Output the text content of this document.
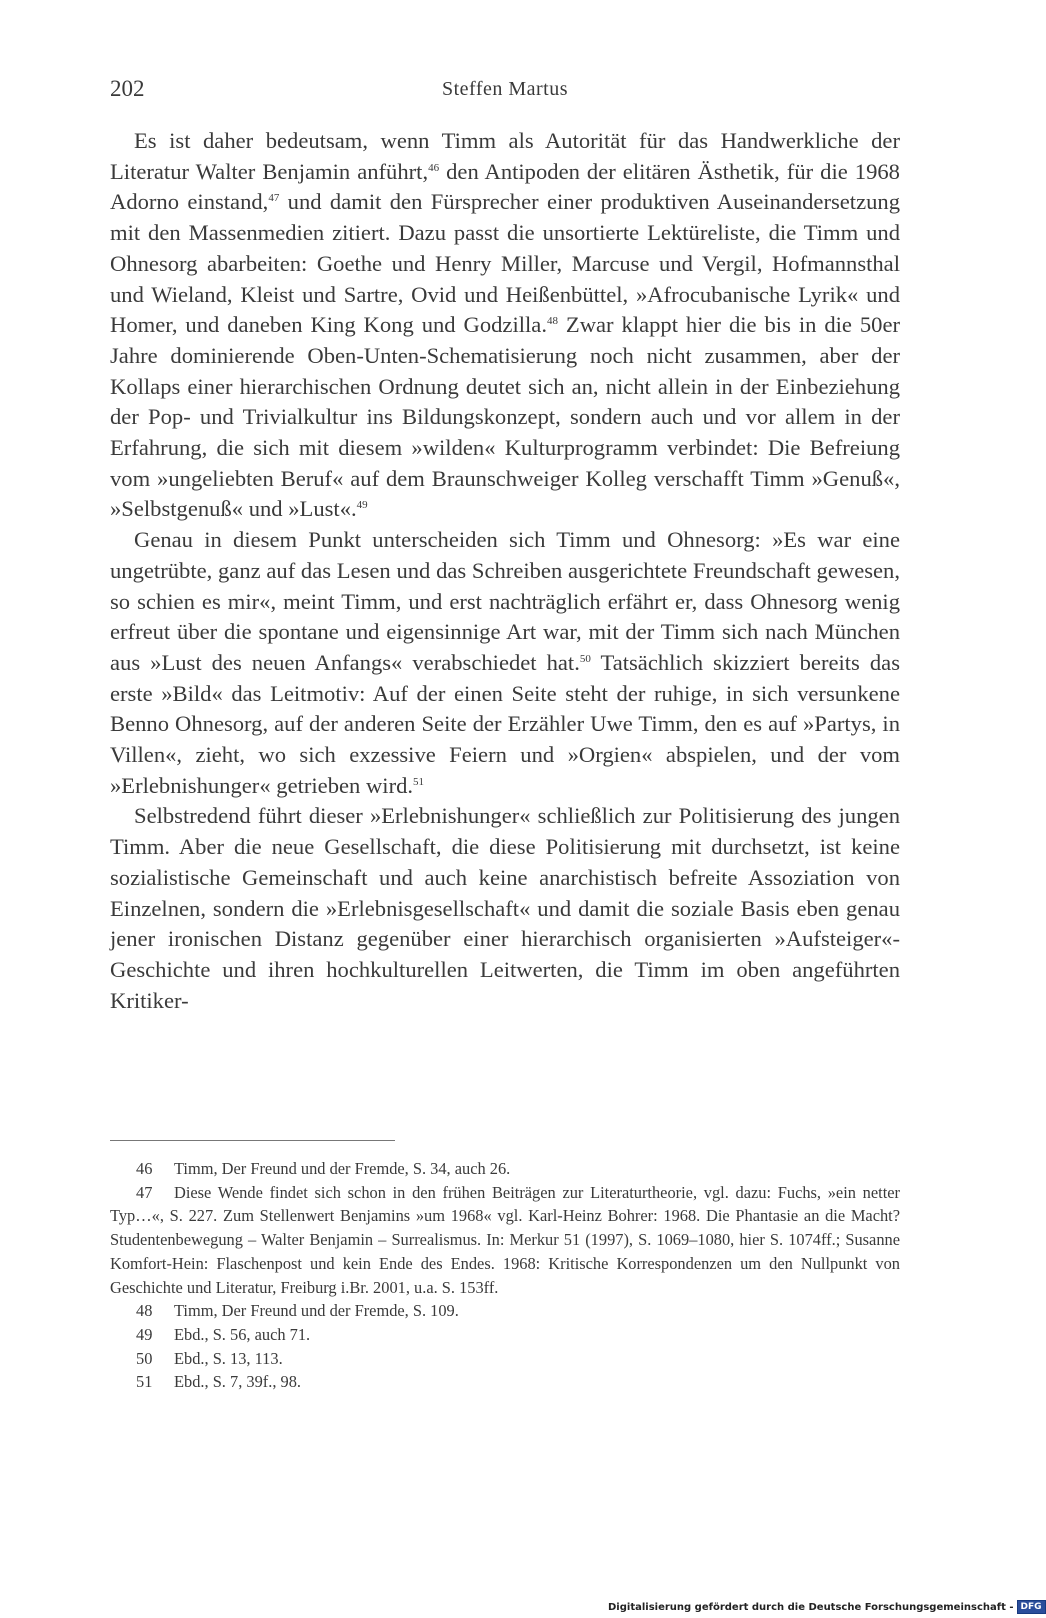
202	Steffen Martus

Es ist daher bedeutsam, wenn Timm als Autorität für das Handwerkliche der Literatur Walter Benjamin anführt,$^{46}$ den Antipoden der elitären Ästhetik, für die 1968 Adorno einstand,$^{47}$ und damit den Fürsprecher einer produktiven Auseinandersetzung mit den Massenmedien zitiert. Dazu passt die unsortierte Lektüreliste, die Timm und Ohnesorg abarbeiten: Goethe und Henry Miller, Marcuse und Vergil, Hofmannsthal und Wieland, Kleist und Sartre, Ovid und Heißenbüttel, »Afrocubanische Lyrik« und Homer, und daneben King Kong und Godzilla.$^{48}$ Zwar klappt hier die bis in die 50er Jahre dominierende Oben-Unten-Schematisierung noch nicht zusammen, aber der Kollaps einer hierarchischen Ordnung deutet sich an, nicht allein in der Einbeziehung der Pop- und Trivialkultur ins Bildungskonzept, sondern auch und vor allem in der Erfahrung, die sich mit diesem »wilden« Kulturprogramm verbindet: Die Befreiung vom »ungeliebten Beruf« auf dem Braunschweiger Kolleg verschafft Timm »Genuß«, »Selbstgenuß« und »Lust«.$^{49}$

Genau in diesem Punkt unterscheiden sich Timm und Ohnesorg: »Es war eine ungetrübte, ganz auf das Lesen und das Schreiben ausgerichtete Freundschaft gewesen, so schien es mir«, meint Timm, und erst nachträglich erfährt er, dass Ohnesorg wenig erfreut über die spontane und eigensinnige Art war, mit der Timm sich nach München aus »Lust des neuen Anfangs« verabschiedet hat.$^{50}$ Tatsächlich skizziert bereits das erste »Bild« das Leitmotiv: Auf der einen Seite steht der ruhige, in sich versunkene Benno Ohnesorg, auf der anderen Seite der Erzähler Uwe Timm, den es auf »Partys, in Villen«, zieht, wo sich exzessive Feiern und »Orgien« abspielen, und der vom »Erlebnishunger« getrieben wird.$^{51}$

Selbstredend führt dieser »Erlebnishunger« schließlich zur Politisierung des jungen Timm. Aber die neue Gesellschaft, die diese Politisierung mit durchsetzt, ist keine sozialistische Gemeinschaft und auch keine anarchistisch befreite Assoziation von Einzelnen, sondern die »Erlebnisgesellschaft« und damit die soziale Basis eben genau jener ironischen Distanz gegenüber einer hierarchisch organisierten »Aufsteiger«-Geschichte und ihren hochkulturellen Leitwerten, die Timm im oben angeführten Kritiker-

46 Timm, Der Freund und der Fremde, S. 34, auch 26.

47 Diese Wende findet sich schon in den frühen Beiträgen zur Literaturtheorie, vgl. dazu: Fuchs, »ein netter Typ…«, S. 227. Zum Stellenwert Benjamins »um 1968« vgl. Karl-Heinz Bohrer: 1968. Die Phantasie an die Macht? Studentenbewegung – Walter Benjamin – Surrealismus. In: Merkur 51 (1997), S. 1069–1080, hier S. 1074ff.; Susanne Komfort-Hein: Flaschenpost und kein Ende des Endes. 1968: Kritische Korrespondenzen um den Nullpunkt von Geschichte und Literatur, Freiburg i.Br. 2001, u.a. S. 153ff.

48 Timm, Der Freund und der Fremde, S. 109.

49 Ebd., S. 56, auch 71.

50 Ebd., S. 13, 113.

51 Ebd., S. 7, 39f., 98.

Digitalisierung gefördert durch die Deutsche Forschungsgemeinschaft - DFG
